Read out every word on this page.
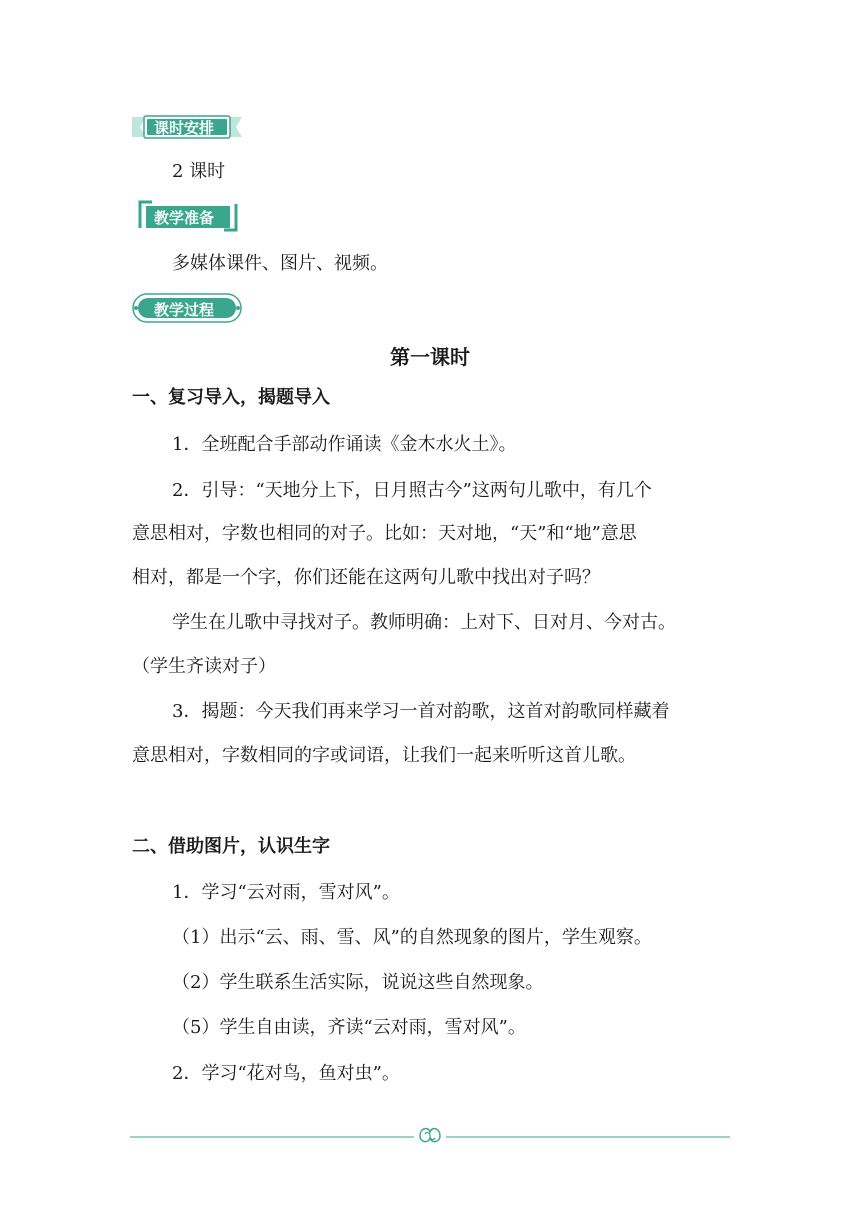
课时安排
2 课时
教学准备
多媒体课件、图片、视频。
教学过程
第一课时
一、复习导入，揭题导入
1．全班配合手部动作诵读《金木水火土》。
2．引导：“天地分上下，日月照古今”这两句儿歌中，有几个
意思相对，字数也相同的对子。比如：天对地，“天”和“地”意思
相对，都是一个字，你们还能在这两句儿歌中找出对子吗？
学生在儿歌中寻找对子。教师明确：上对下、日对月、今对古。
（学生齐读对子）
3．揭题：今天我们再来学习一首对韵歌，这首对韵歌同样藏着
意思相对，字数相同的字或词语，让我们一起来听听这首儿歌。
二、借助图片，认识生字
1．学习“云对雨，雪对风”。
（1）出示“云、雨、雪、风”的自然现象的图片，学生观察。
（2）学生联系生活实际，说说这些自然现象。
（5）学生自由读，齐读“云对雨，雪对风”。
2．学习“花对鸟，鱼对虫”。
